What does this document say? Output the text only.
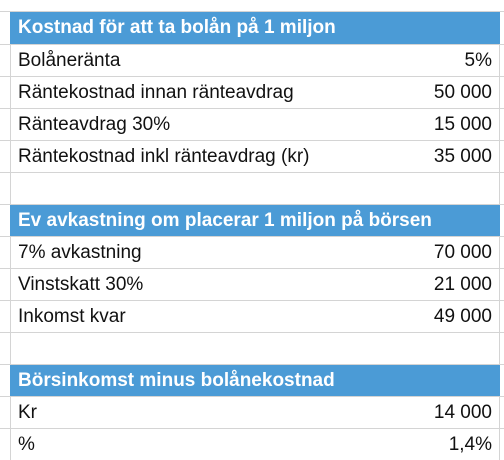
Kostnad för att ta bolån på 1 miljon
Bolåneränta	5%
Räntekostnad innan ränteavdrag	50 000
Ränteavdrag 30%	15 000
Räntekostnad inkl ränteavdrag (kr)	35 000
Ev avkastning om placerar 1 miljon på börsen
7% avkastning	70 000
Vinstskatt 30%	21 000
Inkomst kvar	49 000
Börsinkomst minus bolånekostnad
Kr	14 000
%	1,4%
